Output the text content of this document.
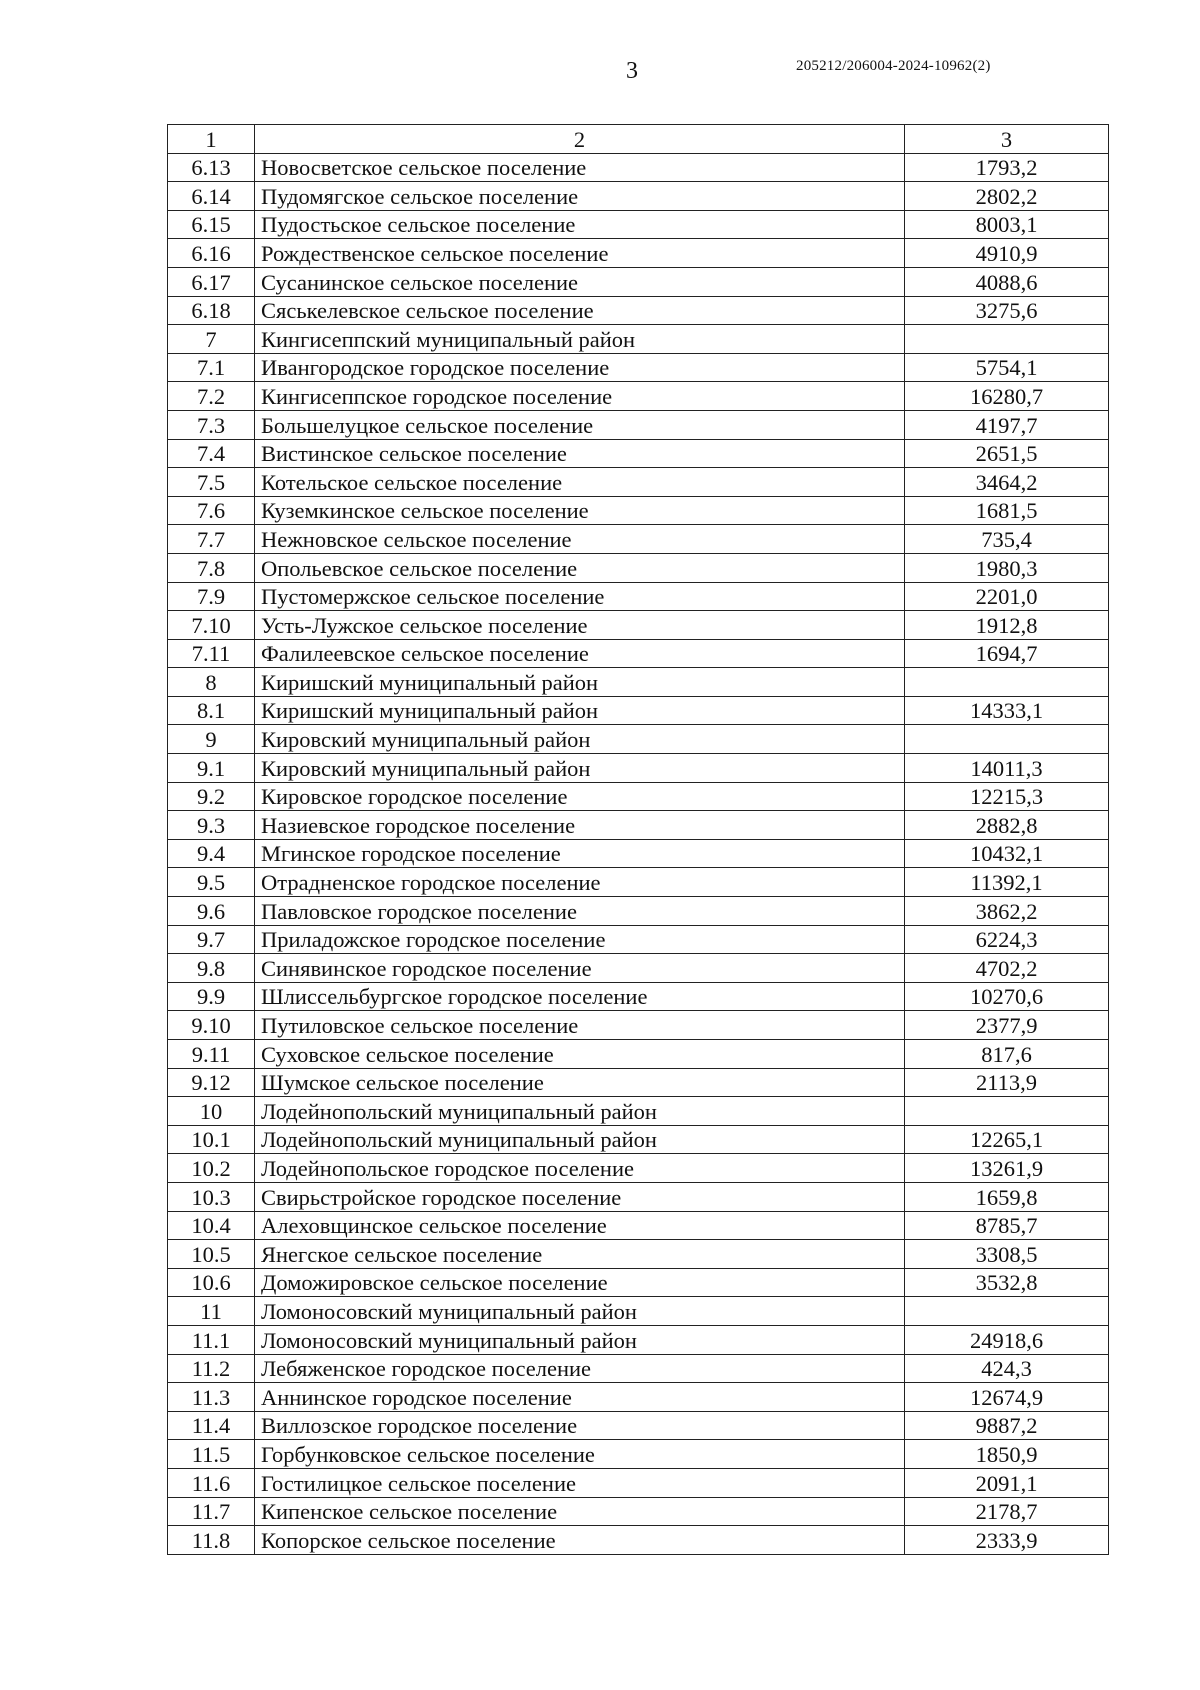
3	205212/206004-2024-10962(2)
1	2	3
6.13	Новосветское сельское поселение	1793,2
6.14	Пудомягское сельское поселение	2802,2
6.15	Пудостьское сельское поселение	8003,1
6.16	Рождественское сельское поселение	4910,9
6.17	Сусанинское сельское поселение	4088,6
6.18	Сяськелевское сельское поселение	3275,6
7	Кингисеппский муниципальный район	
7.1	Ивангородское городское поселение	5754,1
7.2	Кингисеппское городское поселение	16280,7
7.3	Большелуцкое сельское поселение	4197,7
7.4	Вистинское сельское поселение	2651,5
7.5	Котельское сельское поселение	3464,2
7.6	Куземкинское сельское поселение	1681,5
7.7	Нежновское сельское поселение	735,4
7.8	Опольевское сельское поселение	1980,3
7.9	Пустомержское сельское поселение	2201,0
7.10	Усть-Лужское сельское поселение	1912,8
7.11	Фалилеевское сельское поселение	1694,7
8	Киришский муниципальный район	
8.1	Киришский муниципальный район	14333,1
9	Кировский муниципальный район	
9.1	Кировский муниципальный район	14011,3
9.2	Кировское городское поселение	12215,3
9.3	Назиевское городское поселение	2882,8
9.4	Мгинское городское поселение	10432,1
9.5	Отрадненское городское поселение	11392,1
9.6	Павловское городское поселение	3862,2
9.7	Приладожское городское поселение	6224,3
9.8	Синявинское городское поселение	4702,2
9.9	Шлиссельбургское городское поселение	10270,6
9.10	Путиловское сельское поселение	2377,9
9.11	Суховское сельское поселение	817,6
9.12	Шумское сельское поселение	2113,9
10	Лодейнопольский муниципальный район	
10.1	Лодейнопольский муниципальный район	12265,1
10.2	Лодейнопольское городское поселение	13261,9
10.3	Свирьстройское городское поселение	1659,8
10.4	Алеховщинское сельское поселение	8785,7
10.5	Янегское сельское поселение	3308,5
10.6	Доможировское сельское поселение	3532,8
11	Ломоносовский муниципальный район	
11.1	Ломоносовский муниципальный район	24918,6
11.2	Лебяженское городское поселение	424,3
11.3	Аннинское городское поселение	12674,9
11.4	Виллозское городское поселение	9887,2
11.5	Горбунковское сельское поселение	1850,9
11.6	Гостилицкое сельское поселение	2091,1
11.7	Кипенское сельское поселение	2178,7
11.8	Копорское сельское поселение	2333,9
